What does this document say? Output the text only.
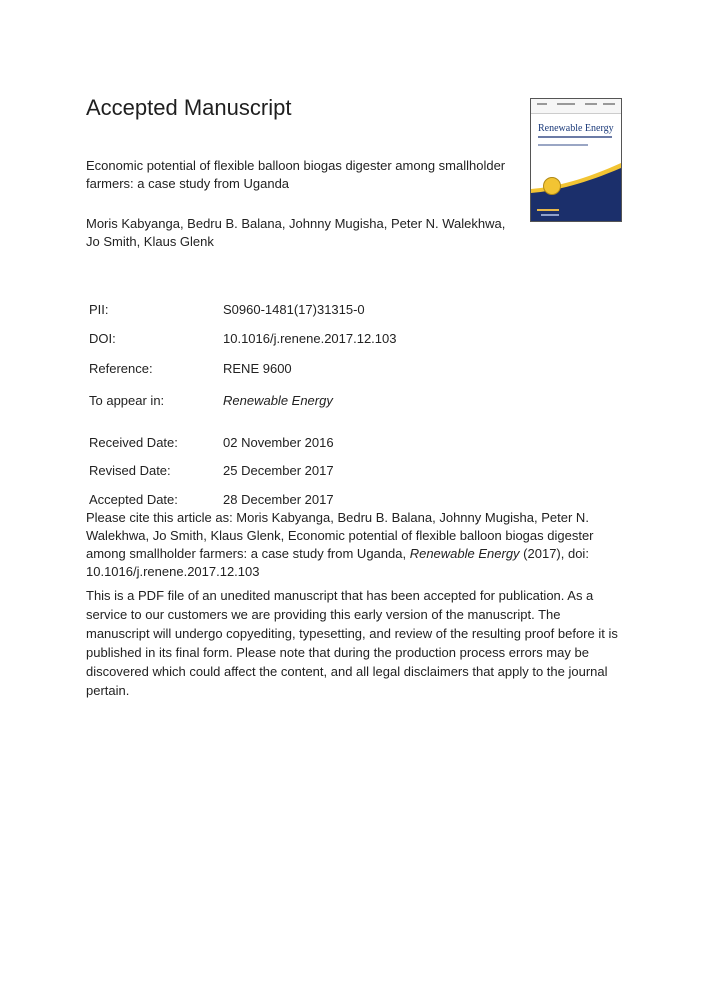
Accepted Manuscript
Renewable Energy
Economic potential of flexible balloon biogas digester among smallholder farmers: a case study from Uganda
Moris Kabyanga, Bedru B. Balana, Johnny Mugisha, Peter N. Walekhwa, Jo Smith, Klaus Glenk
PII:	S0960-1481(17)31315-0
DOI:	10.1016/j.renene.2017.12.103
Reference:	RENE 9600
To appear in:	Renewable Energy
Received Date:	02 November 2016
Revised Date:	25 December 2017
Accepted Date:	28 December 2017
Please cite this article as: Moris Kabyanga, Bedru B. Balana, Johnny Mugisha, Peter N. Walekhwa, Jo Smith, Klaus Glenk, Economic potential of flexible balloon biogas digester among smallholder farmers: a case study from Uganda, Renewable Energy (2017), doi: 10.1016/j.renene.2017.12.103
This is a PDF file of an unedited manuscript that has been accepted for publication. As a service to our customers we are providing this early version of the manuscript. The manuscript will undergo copyediting, typesetting, and review of the resulting proof before it is published in its final form. Please note that during the production process errors may be discovered which could affect the content, and all legal disclaimers that apply to the journal pertain.
